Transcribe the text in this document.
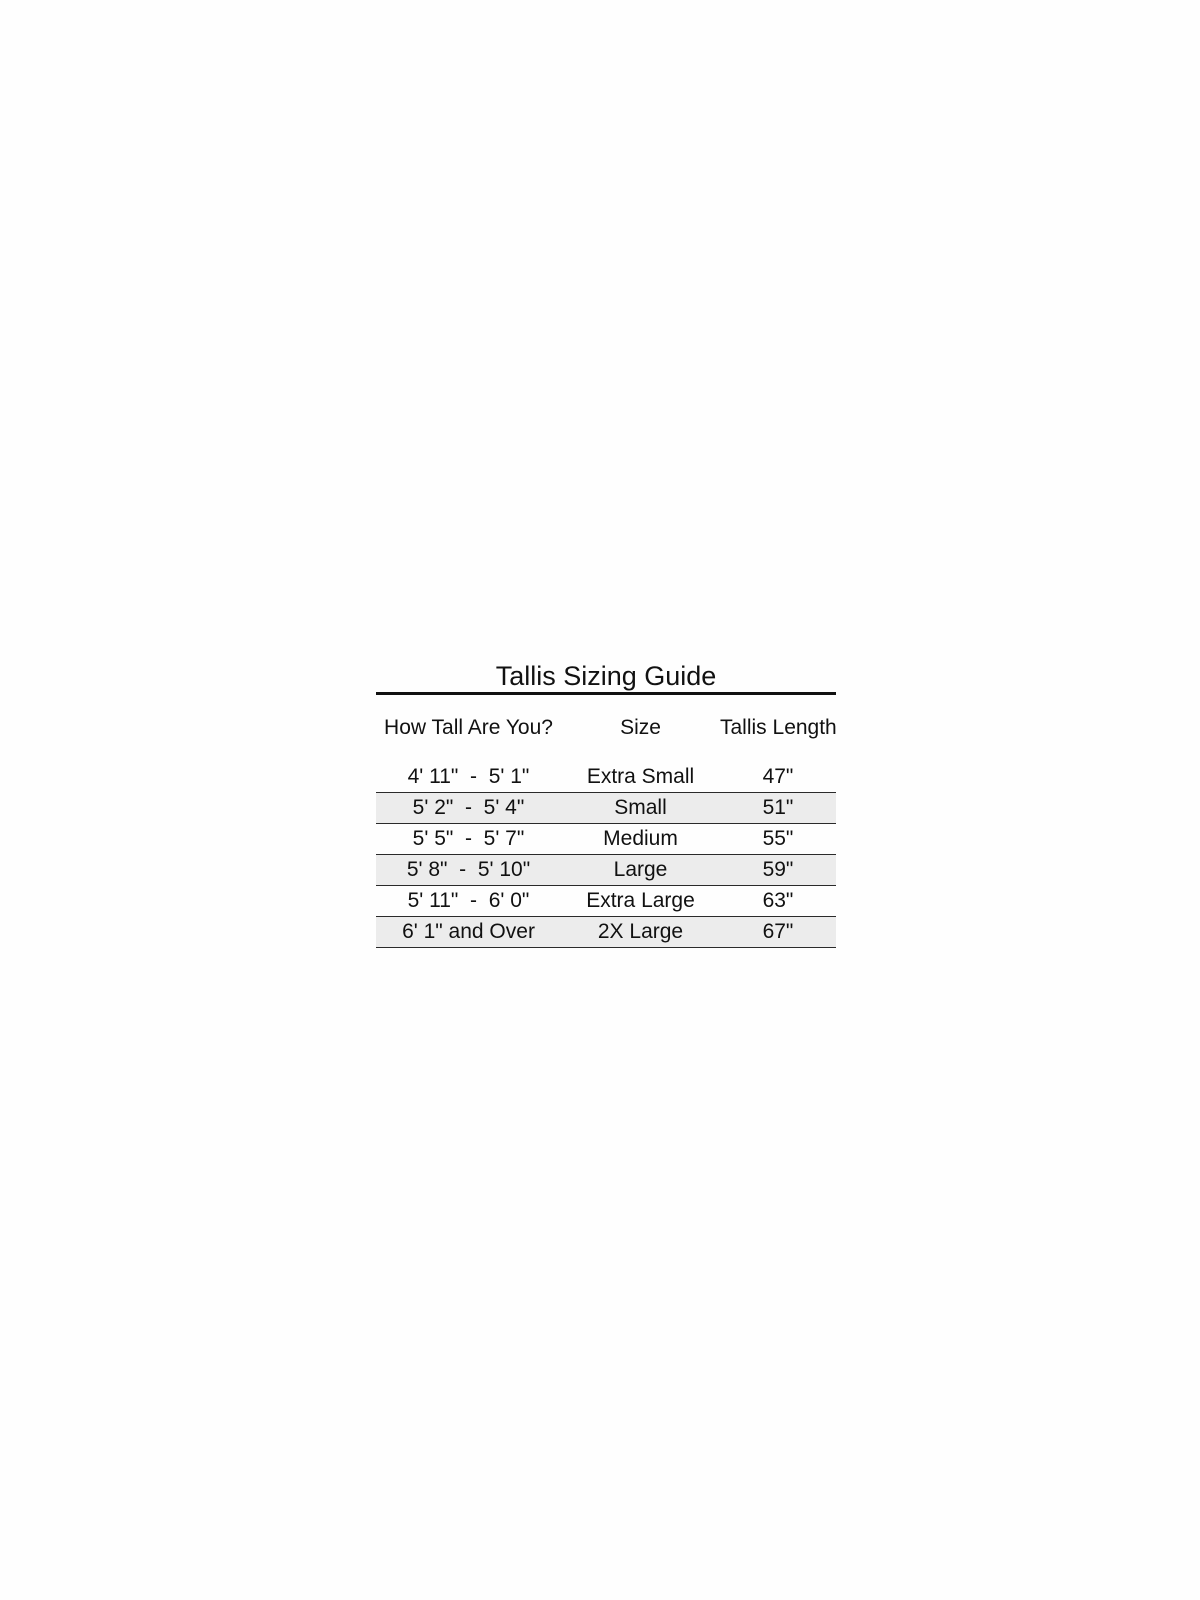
Tallis Sizing Guide
How Tall Are You?	Size	Tallis Length
4' 11"  -  5' 1"	Extra Small	47"
5' 2"  -  5' 4"	Small	51"
5' 5"  -  5' 7"	Medium	55"
5' 8"  -  5' 10"	Large	59"
5' 11"  -  6' 0"	Extra Large	63"
6' 1" and Over	2X Large	67"
